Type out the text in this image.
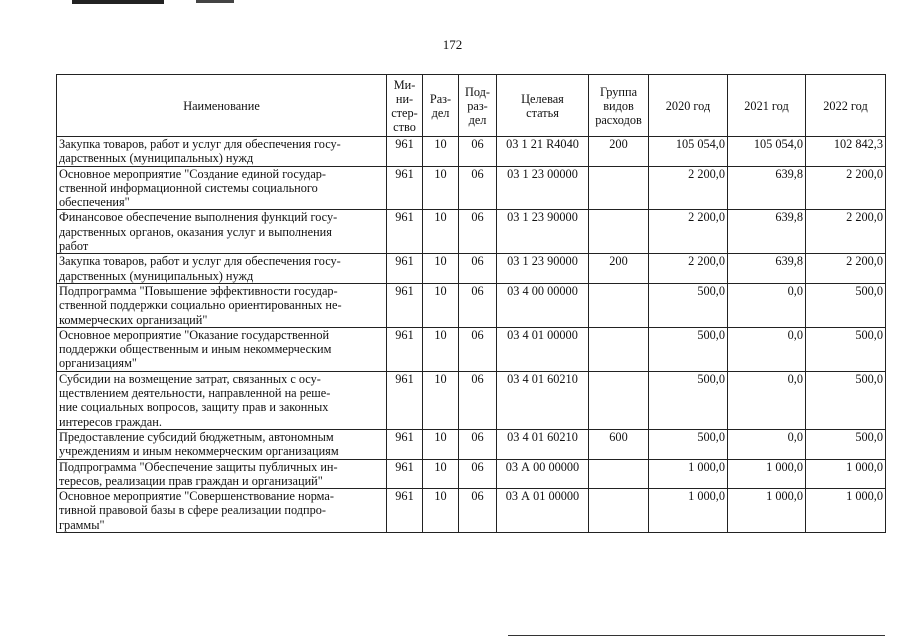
172
Наименование	Ми-
ни-
стер-
ство	Раз-
дел	Под-
раз-
дел	Целевая
статья	Группа
видов
расходов	2020 год	2021 год	2022 год
Закупка товаров, работ и услуг для обеспечения госу-
дарственных (муниципальных) нужд	961	10	06	03 1 21 R4040	200	105 054,0	105 054,0	102 842,3
Основное мероприятие "Создание единой государ-
ственной информационной системы социального
обеспечения"	961	10	06	03 1 23 00000		2 200,0	639,8	2 200,0
Финансовое обеспечение выполнения функций госу-
дарственных органов, оказания услуг и выполнения
работ	961	10	06	03 1 23 90000		2 200,0	639,8	2 200,0
Закупка товаров, работ и услуг для обеспечения госу-
дарственных (муниципальных) нужд	961	10	06	03 1 23 90000	200	2 200,0	639,8	2 200,0
Подпрограмма "Повышение эффективности государ-
ственной поддержки социально ориентированных не-
коммерческих организаций"	961	10	06	03 4 00 00000		500,0	0,0	500,0
Основное мероприятие "Оказание государственной
поддержки общественным и иным некоммерческим
организациям"	961	10	06	03 4 01 00000		500,0	0,0	500,0
Субсидии на возмещение затрат, связанных с осу-
ществлением деятельности, направленной на реше-
ние социальных вопросов, защиту прав и законных
интересов граждан.	961	10	06	03 4 01 60210		500,0	0,0	500,0
Предоставление субсидий бюджетным, автономным
учреждениям и иным некоммерческим организациям	961	10	06	03 4 01 60210	600	500,0	0,0	500,0
Подпрограмма "Обеспечение защиты публичных ин-
тересов, реализации прав граждан и организаций"	961	10	06	03 А 00 00000		1 000,0	1 000,0	1 000,0
Основное мероприятие "Совершенствование норма-
тивной правовой базы в сфере реализации подпро-
граммы"	961	10	06	03 А 01 00000		1 000,0	1 000,0	1 000,0
